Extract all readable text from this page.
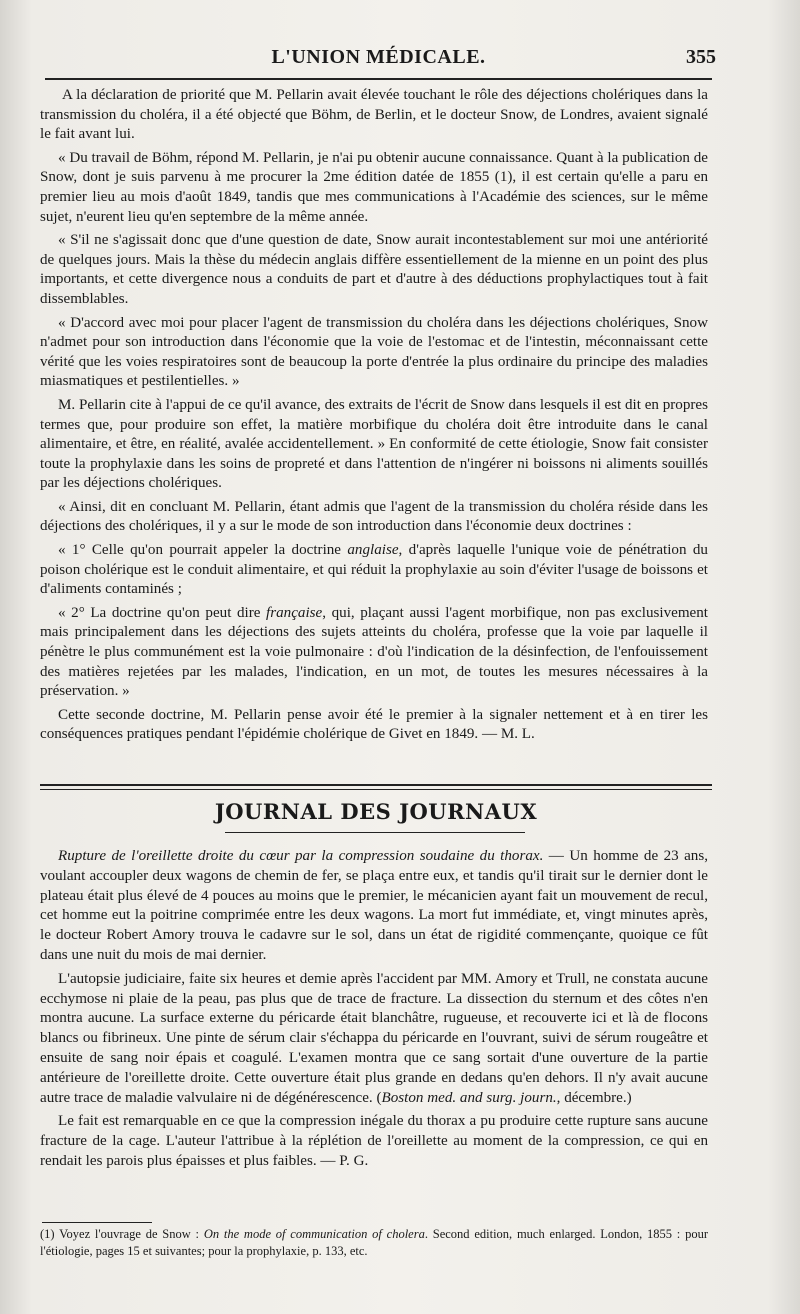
L'UNION MÉDICALE.	355

A la déclaration de priorité que M. Pellarin avait élevée touchant le rôle des déjections cholériques dans la transmission du choléra, il a été objecté que Böhm, de Berlin, et le docteur Snow, de Londres, avaient signalé le fait avant lui.

« Du travail de Böhm, répond M. Pellarin, je n'ai pu obtenir aucune connaissance. Quant à la publication de Snow, dont je suis parvenu à me procurer la 2me édition datée de 1855 (1), il est certain qu'elle a paru en premier lieu au mois d'août 1849, tandis que mes communications à l'Académie des sciences, sur le même sujet, n'eurent lieu qu'en septembre de la même année.

« S'il ne s'agissait donc que d'une question de date, Snow aurait incontestablement sur moi une antériorité de quelques jours. Mais la thèse du médecin anglais diffère essentiellement de la mienne en un point des plus importants, et cette divergence nous a conduits de part et d'autre à des déductions prophylactiques tout à fait dissemblables.

« D'accord avec moi pour placer l'agent de transmission du choléra dans les déjections cholériques, Snow n'admet pour son introduction dans l'économie que la voie de l'estomac et de l'intestin, méconnaissant cette vérité que les voies respiratoires sont de beaucoup la porte d'entrée la plus ordinaire du principe des maladies miasmatiques et pestilentielles. »

M. Pellarin cite à l'appui de ce qu'il avance, des extraits de l'écrit de Snow dans lesquels il est dit en propres termes que, pour produire son effet, la matière morbifique du choléra doit être introduite dans le canal alimentaire, et être, en réalité, avalée accidentellement. » En conformité de cette étiologie, Snow fait consister toute la prophylaxie dans les soins de propreté et dans l'attention de n'ingérer ni boissons ni aliments souillés par les déjections cholériques.

« Ainsi, dit en concluant M. Pellarin, étant admis que l'agent de la transmission du choléra réside dans les déjections des cholériques, il y a sur le mode de son introduction dans l'économie deux doctrines :

« 1° Celle qu'on pourrait appeler la doctrine anglaise, d'après laquelle l'unique voie de pénétration du poison cholérique est le conduit alimentaire, et qui réduit la prophylaxie au soin d'éviter l'usage de boissons et d'aliments contaminés ;

« 2° La doctrine qu'on peut dire française, qui, plaçant aussi l'agent morbifique, non pas exclusivement mais principalement dans les déjections des sujets atteints du choléra, professe que la voie par laquelle il pénètre le plus communément est la voie pulmonaire : d'où l'indication de la désinfection, de l'enfouissement des matières rejetées par les malades, l'indication, en un mot, de toutes les mesures nécessaires à la préservation. »

Cette seconde doctrine, M. Pellarin pense avoir été le premier à la signaler nettement et à en tirer les conséquences pratiques pendant l'épidémie cholérique de Givet en 1849. — M. L.

JOURNAL DES JOURNAUX

Rupture de l'oreillette droite du cœur par la compression soudaine du thorax. — Un homme de 23 ans, voulant accoupler deux wagons de chemin de fer, se plaça entre eux, et tandis qu'il tirait sur le dernier dont le plateau était plus élevé de 4 pouces au moins que le premier, le mécanicien ayant fait un mouvement de recul, cet homme eut la poitrine comprimée entre les deux wagons. La mort fut immédiate, et, vingt minutes après, le docteur Robert Amory trouva le cadavre sur le sol, dans un état de rigidité commençante, quoique ce fût dans une nuit du mois de mai dernier.

L'autopsie judiciaire, faite six heures et demie après l'accident par MM. Amory et Trull, ne constata aucune ecchymose ni plaie de la peau, pas plus que de trace de fracture. La dissection du sternum et des côtes n'en montra aucune. La surface externe du péricarde était blanchâtre, rugueuse, et recouverte ici et là de flocons blancs ou fibrineux. Une pinte de sérum clair s'échappa du péricarde en l'ouvrant, suivi de sérum rougeâtre et ensuite de sang noir épais et coagulé. L'examen montra que ce sang sortait d'une ouverture de la partie antérieure de l'oreillette droite. Cette ouverture était plus grande en dedans qu'en dehors. Il n'y avait aucune autre trace de maladie valvulaire ni de dégénérescence. (Boston med. and surg. journ., décembre.)

Le fait est remarquable en ce que la compression inégale du thorax a pu produire cette rupture sans aucune fracture de la cage. L'auteur l'attribue à la réplétion de l'oreillette au moment de la compression, ce qui en rendait les parois plus épaisses et plus faibles. — P. G.

(1) Voyez l'ouvrage de Snow : On the mode of communication of cholera. Second edition, much enlarged. London, 1855 : pour l'étiologie, pages 15 et suivantes; pour la prophylaxie, p. 133, etc.
